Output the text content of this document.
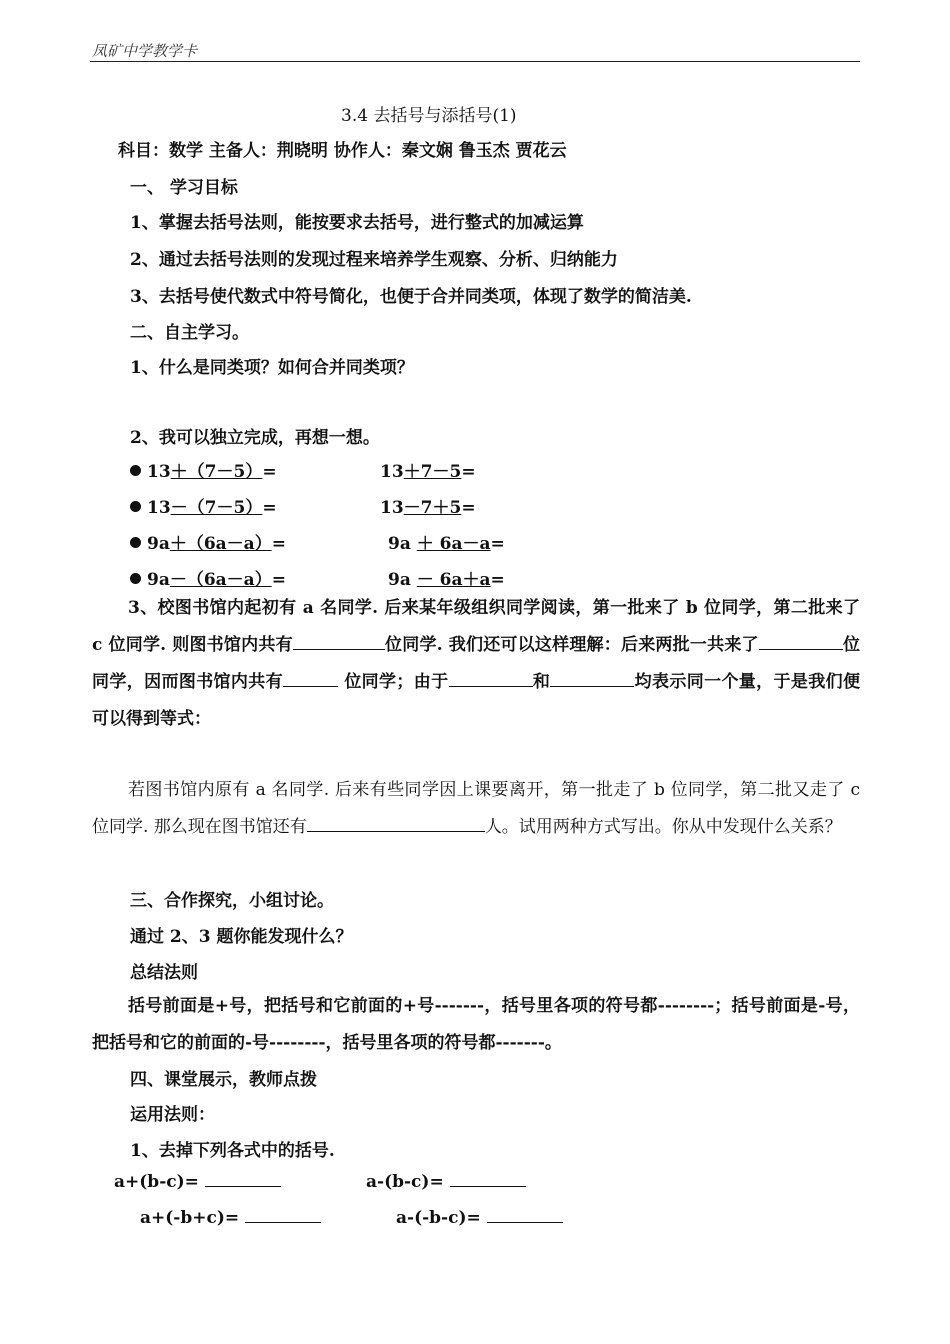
凤矿中学教学卡
3.4 去括号与添括号(1)
科目：数学 主备人：荆晓明 协作人：秦文娴 鲁玉杰 贾花云
一、 学习目标
1、掌握去括号法则，能按要求去括号，进行整式的加减运算
2、通过去括号法则的发现过程来培养学生观察、分析、归纳能力
3、去括号使代数式中符号简化，也便于合并同类项，体现了数学的简洁美.
二、自主学习。
1、什么是同类项？如何合并同类项？
2、我可以独立完成，再想一想。
13＋（7－5）=	13＋7－5=
13－（7－5）=	13－7＋5=
9a＋（6a－a）=	9a ＋ 6a－a=
9a－（6a－a）=	9a － 6a＋a=
3、校图书馆内起初有 a 名同学. 后来某年级组织同学阅读，第一批来了 b 位同学，第二批来了 c 位同学. 则图书馆内共有	位同学. 我们还可以这样理解：后来两批一共来了	位同学，因而图书馆内共有	位同学；由于	和	均表示同一个量，于是我们便可以得到等式：
若图书馆内原有 a 名同学. 后来有些同学因上课要离开，第一批走了 b 位同学，第二批又走了 c 位同学. 那么现在图书馆还有	人。试用两种方式写出。你从中发现什么关系？
三、合作探究，小组讨论。
通过 2、3 题你能发现什么？
总结法则
括号前面是+号，把括号和它前面的+号-------，括号里各项的符号都--------；括号前面是-号，把括号和它的前面的-号--------，括号里各项的符号都-------。
四、课堂展示，教师点拨
运用法则：
1、去掉下列各式中的括号.
a+(b-c)=	a-(b-c)=
a+(-b+c)=	a-(-b-c)=
